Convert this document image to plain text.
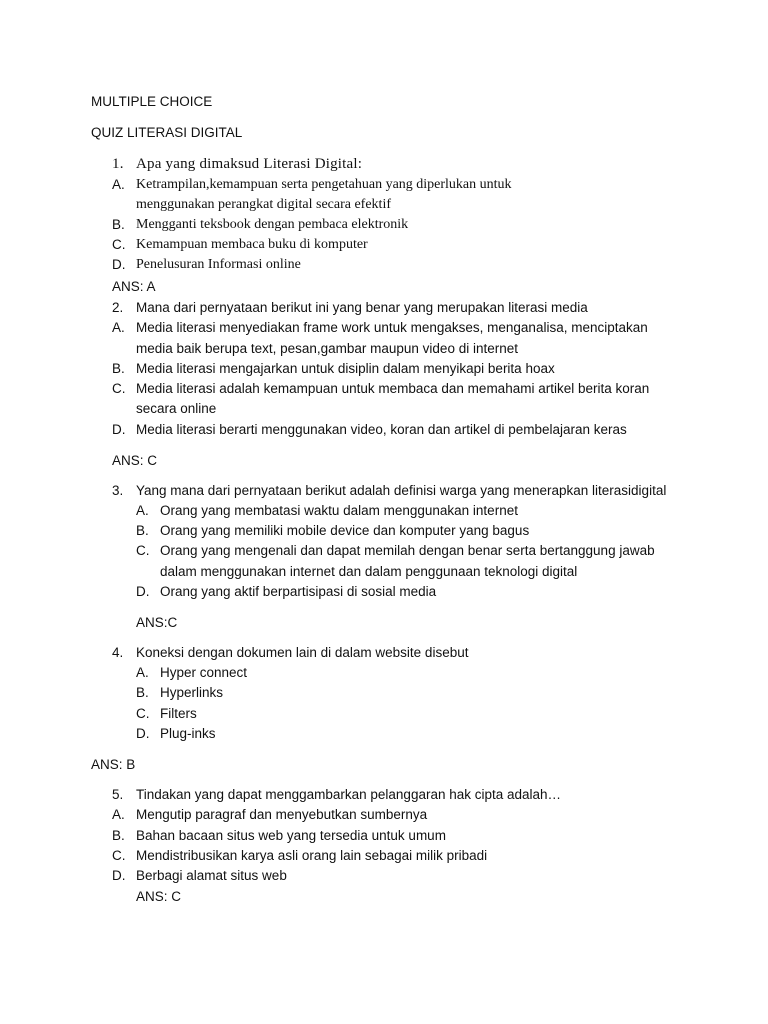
MULTIPLE CHOICE
QUIZ LITERASI DIGITAL
1. Apa yang dimaksud Literasi Digital:
A. Ketrampilan,kemampuan serta pengetahuan yang diperlukan untuk
menggunakan perangkat digital secara efektif
B. Mengganti teksbook dengan pembaca elektronik
C. Kemampuan membaca buku di komputer
D. Penelusuran Informasi online
ANS: A
2. Mana dari pernyataan berikut ini yang benar yang merupakan literasi media
A. Media literasi menyediakan frame work untuk mengakses, menganalisa, menciptakan
media baik berupa text, pesan,gambar maupun video di internet
B. Media literasi mengajarkan untuk disiplin dalam menyikapi berita hoax
C. Media literasi adalah kemampuan untuk membaca dan memahami artikel berita koran
secara online
D. Media literasi berarti menggunakan video, koran dan artikel di pembelajaran keras
ANS: C
3. Yang mana dari pernyataan berikut adalah definisi warga yang menerapkan literasidigital
A. Orang yang membatasi waktu dalam menggunakan internet
B. Orang yang memiliki mobile device dan komputer yang bagus
C. Orang yang mengenali dan dapat memilah dengan benar serta bertanggung jawab
dalam menggunakan internet dan dalam penggunaan teknologi digital
D. Orang yang aktif berpartisipasi di sosial media
ANS:C
4. Koneksi dengan dokumen lain di dalam website disebut
A. Hyper connect
B. Hyperlinks
C. Filters
D. Plug-inks
ANS: B
5. Tindakan yang dapat menggambarkan pelanggaran hak cipta adalah…
A. Mengutip paragraf dan menyebutkan sumbernya
B. Bahan bacaan situs web yang tersedia untuk umum
C. Mendistribusikan karya asli orang lain sebagai milik pribadi
D. Berbagi alamat situs web
ANS: C
